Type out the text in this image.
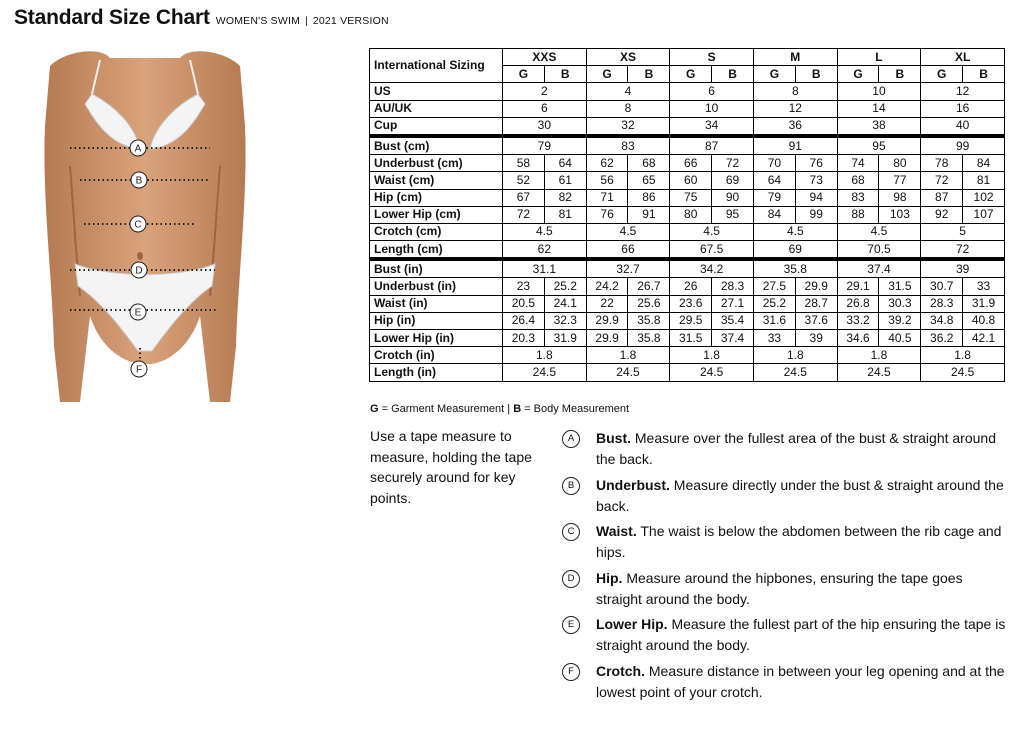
Standard Size Chart WOMEN'S SWIM | 2021 VERSION
A
B
C
D
E
F
International Sizing	XXS		XS		S		M		L		XL	
	G	B	G	B	G	B	G	B	G	B	G	B
US	2		4		6		8		10		12	
AU/UK	6		8		10		12		14		16	
Cup	30		32		34		36		38		40	
Bust (cm)	79		83		87		91		95		99	
Underbust (cm)	58	64	62	68	66	72	70	76	74	80	78	84
Waist (cm)	52	61	56	65	60	69	64	73	68	77	72	81
Hip (cm)	67	82	71	86	75	90	79	94	83	98	87	102
Lower Hip (cm)	72	81	76	91	80	95	84	99	88	103	92	107
Crotch (cm)	4.5		4.5		4.5		4.5		4.5		5	
Length (cm)	62		66		67.5		69		70.5		72	
Bust (in)	31.1		32.7		34.2		35.8		37.4		39	
Underbust (in)	23	25.2	24.2	26.7	26	28.3	27.5	29.9	29.1	31.5	30.7	33
Waist (in)	20.5	24.1	22	25.6	23.6	27.1	25.2	28.7	26.8	30.3	28.3	31.9
Hip (in)	26.4	32.3	29.9	35.8	29.5	35.4	31.6	37.6	33.2	39.2	34.8	40.8
Lower Hip (in)	20.3	31.9	29.9	35.8	31.5	37.4	33	39	34.6	40.5	36.2	42.1
Crotch (in)	1.8		1.8		1.8		1.8		1.8		1.8	
Length (in)	24.5		24.5		24.5		24.5		24.5		24.5	
G = Garment Measurement | B = Body Measurement
Use a tape measure to measure, holding the tape securely around for key points.
A	Bust. Measure over the fullest area of the bust & straight around the back.
B	Underbust. Measure directly under the bust & straight around the back.
C	Waist. The waist is below the abdomen between the rib cage and hips.
D	Hip. Measure around the hipbones, ensuring the tape goes straight around the body.
E	Lower Hip. Measure the fullest part of the hip ensuring the tape is straight around the body.
F	Crotch. Measure distance in between your leg opening and at the lowest point of your crotch.
